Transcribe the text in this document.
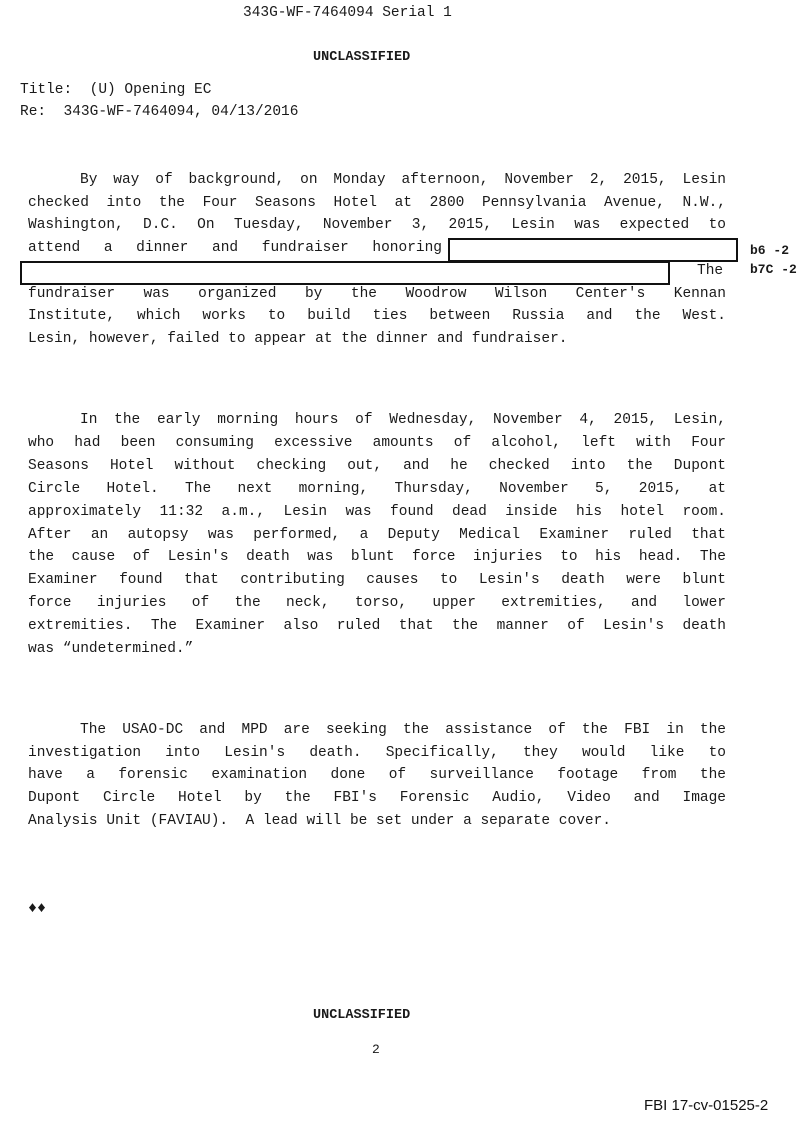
343G-WF-7464094 Serial 1
UNCLASSIFIED
Title:  (U) Opening EC
Re:  343G-WF-7464094, 04/13/2016
By way of background, on Monday afternoon, November 2, 2015, Lesin
checked into the Four Seasons Hotel at 2800 Pennsylvania Avenue, N.W.,
Washington, D.C. On Tuesday, November 3, 2015, Lesin was expected to
attend a dinner and fundraiser honoring
The
fundraiser was organized by the Woodrow Wilson Center's Kennan
Institute, which works to build ties between Russia and the West.
Lesin, however, failed to appear at the dinner and fundraiser.
b6 -2
b7C -2
In the early morning hours of Wednesday, November 4, 2015, Lesin,
who had been consuming excessive amounts of alcohol, left with Four
Seasons Hotel without checking out, and he checked into the Dupont
Circle Hotel. The next morning, Thursday, November 5, 2015, at
approximately 11:32 a.m., Lesin was found dead inside his hotel room.
After an autopsy was performed, a Deputy Medical Examiner ruled that
the cause of Lesin's death was blunt force injuries to his head. The
Examiner found that contributing causes to Lesin's death were blunt
force injuries of the neck, torso, upper extremities, and lower
extremities. The Examiner also ruled that the manner of Lesin's death
was “undetermined.”
The USAO-DC and MPD are seeking the assistance of the FBI in the
investigation into Lesin's death. Specifically, they would like to
have a forensic examination done of surveillance footage from the
Dupont Circle Hotel by the FBI's Forensic Audio, Video and Image
Analysis Unit (FAVIAU).  A lead will be set under a separate cover.
♦♦
UNCLASSIFIED
2
FBI 17-cv-01525-2
